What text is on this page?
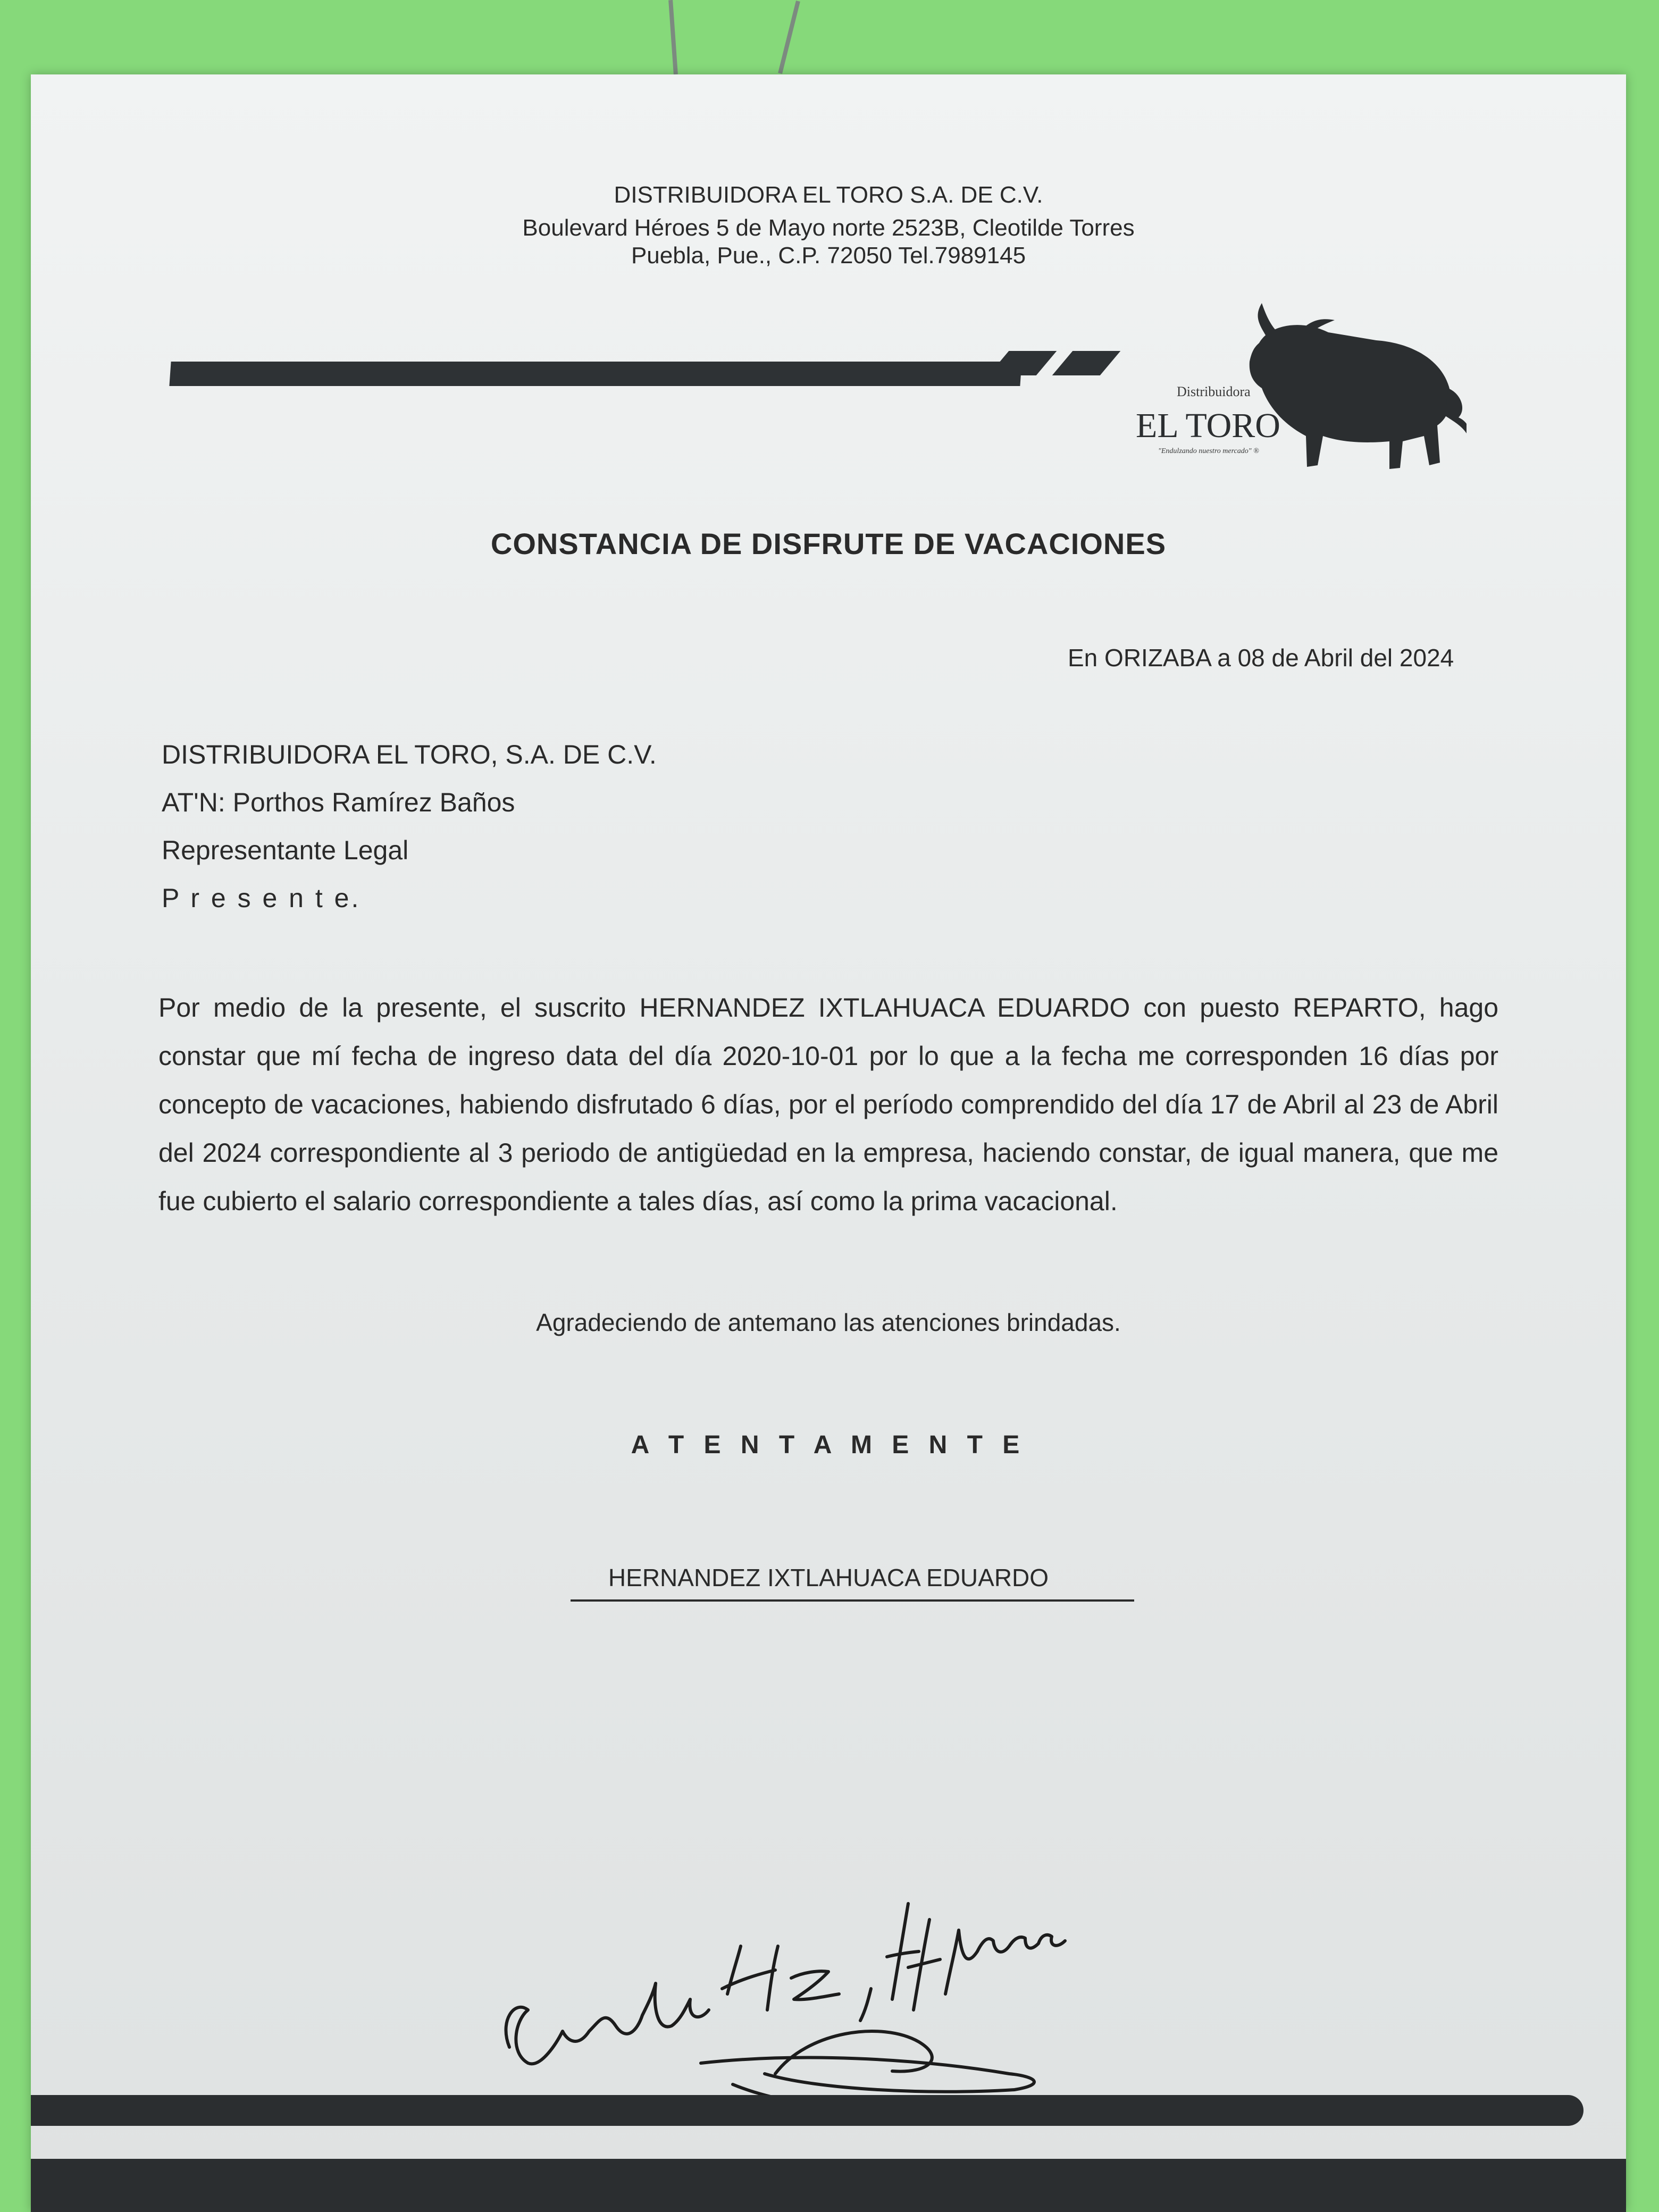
DISTRIBUIDORA EL TORO S.A. DE C.V.
Boulevard Héroes 5 de Mayo norte 2523B, Cleotilde Torres
Puebla, Pue., C.P. 72050 Tel.7989145
Distribuidora
EL TORO
"Endulzando nuestro mercado" ®
CONSTANCIA DE DISFRUTE DE VACACIONES
En ORIZABA a 08 de Abril del 2024
DISTRIBUIDORA EL TORO, S.A. DE C.V.
AT'N: Porthos Ramírez Baños
Representante Legal
P r e s e n t e.
Por medio de la presente, el suscrito HERNANDEZ IXTLAHUACA EDUARDO con puesto REPARTO, hago constar que mí fecha de ingreso data del día 2020-10-01 por lo que a la fecha me corresponden 16 días por concepto de vacaciones, habiendo disfrutado 6 días, por el período comprendido del día 17 de Abril al 23 de Abril del 2024 correspondiente al 3 periodo de antigüedad en la empresa, haciendo constar, de igual manera, que me fue cubierto el salario correspondiente a tales días, así como la prima vacacional.
Agradeciendo de antemano las atenciones brindadas.
A T E N T A M E N T E
HERNANDEZ IXTLAHUACA EDUARDO
